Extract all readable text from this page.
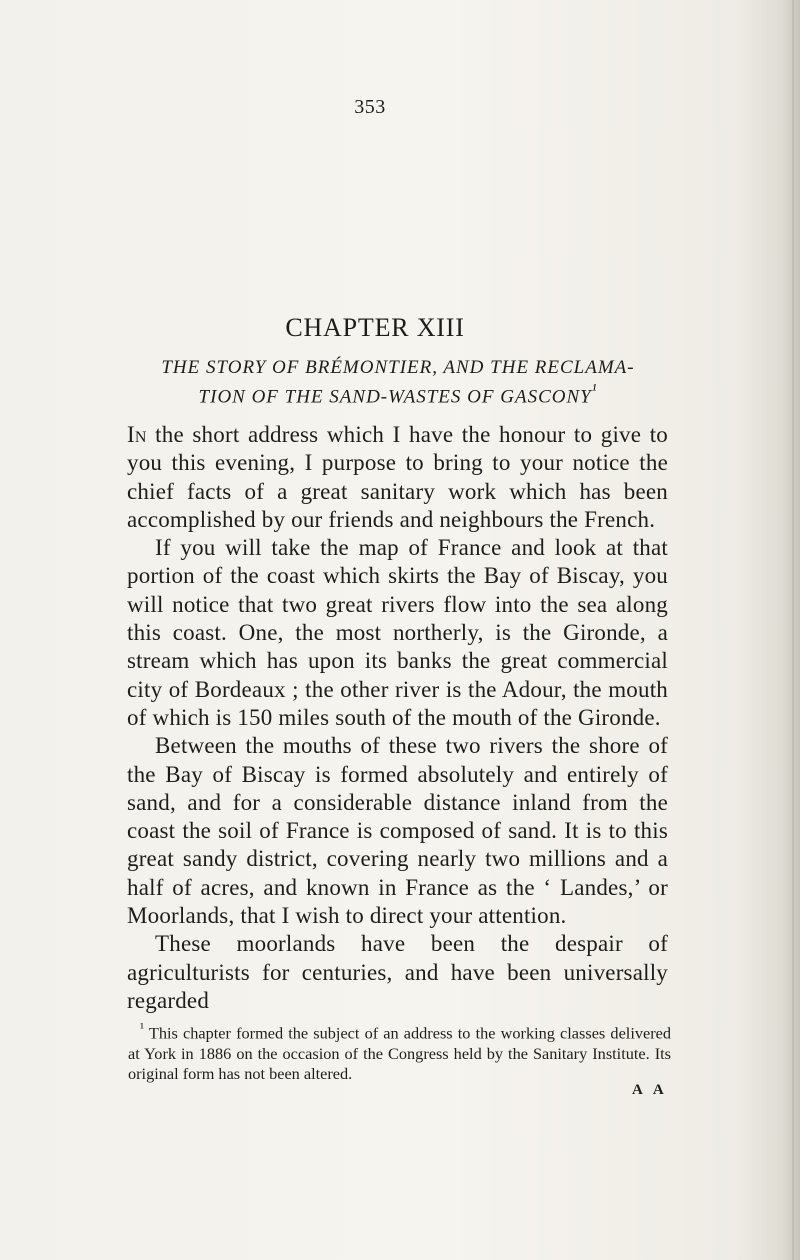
353
CHAPTER XIII
THE STORY OF BRÉMONTIER, AND THE RECLAMA-
TION OF THE SAND-WASTES OF $GASCONY^{^1}$

In the short address which I have the honour to give to you this evening, I purpose to bring to your notice the chief facts of a great sanitary work which has been accomplished by our friends and neighbours the French.

If you will take the map of France and look at that portion of the coast which skirts the Bay of Biscay, you will notice that two great rivers flow into the sea along this coast. One, the most northerly, is the Gironde, a stream which has upon its banks the great commercial city of Bordeaux ; the other river is the Adour, the mouth of which is 150 miles south of the mouth of the Gironde.

Between the mouths of these two rivers the shore of the Bay of Biscay is formed absolutely and entirely of sand, and for a considerable distance inland from the coast the soil of France is composed of sand. It is to this great sandy district, covering nearly two millions and a half of acres, and known in France as the ‘ Landes,’ or Moorlands, that I wish to direct your attention.

These moorlands have been the despair of agriculturists for centuries, and have been universally regarded

$^{^1}$ This chapter formed the subject of an address to the working classes delivered at York in 1886 on the occasion of the Congress held by the Sanitary Institute. Its original form has not been altered.

A A
